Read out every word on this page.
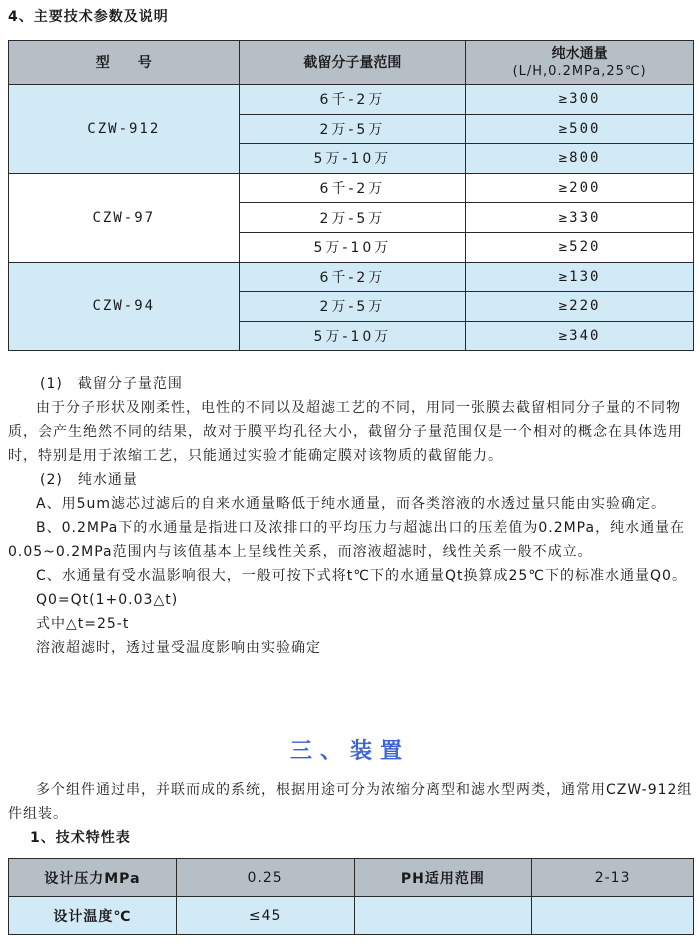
4、主要技术参数及说明
型　　号	截留分子量范围	纯水通量
(L/H,0.2MPa,25℃)

CZW-912	6千-2万	≥300
	2万-5万	≥500
	5万-10万	≥800
CZW-97	6千-2万	≥200
	2万-5万	≥330
	5万-10万	≥520
CZW-94	6千-2万	≥130
	2万-5万	≥220
	5万-10万	≥340
(1)　截留分子量范围
由于分子形状及刚柔性，电性的不同以及超滤工艺的不同，用同一张膜去截留相同分子量的不同物质，会产生绝然不同的结果，故对于膜平均孔径大小，截留分子量范围仅是一个相对的概念在具体选用时，特别是用于浓缩工艺，只能通过实验才能确定膜对该物质的截留能力。
(2)　纯水通量
A、用5um滤芯过滤后的自来水通量略低于纯水通量，而各类溶液的水透过量只能由实验确定。
B、0.2MPa下的水通量是指进口及浓排口的平均压力与超滤出口的压差值为0.2MPa，纯水通量在0.05~0.2MPa范围内与该值基本上呈线性关系，而溶液超滤时，线性关系一般不成立。
C、水通量有受水温影响很大，一般可按下式将t℃下的水通量Qt换算成25℃下的标准水通量Q0。
Q0=Qt(1+0.03△t)
式中△t=25-t
溶液超滤时，透过量受温度影响由实验确定
三、装置
多个组件通过串，并联而成的系统，根据用途可分为浓缩分离型和滤水型两类，通常用CZW-912组件组装。
1、技术特性表
设计压力MPa	0.25	PH适用范围	2-13
设计温度℃	≤45		
